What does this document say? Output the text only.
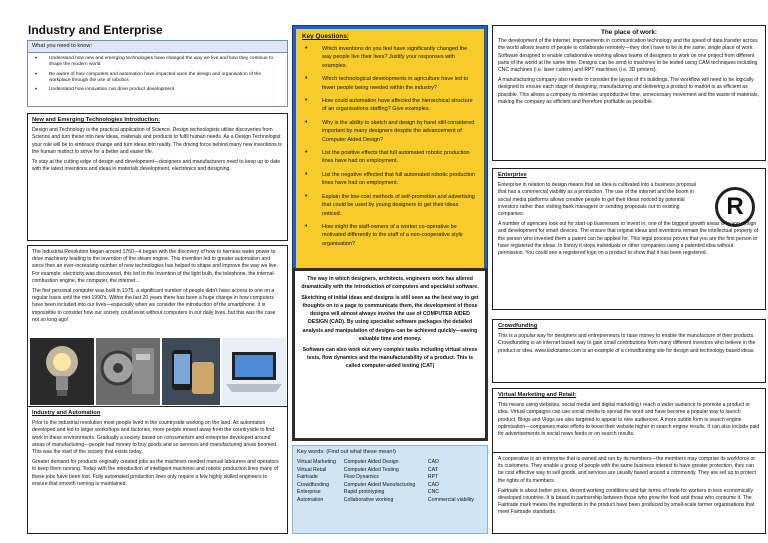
Industry and Enterprise
What you need to know:
• Understand how new and emerging technologies have changed the way we live and how they continue to shape the modern world
• Be aware of how computers and automation have impacted upon the design and organisation of the workplace through the use of robotics
• Understand how innovation can drive product development
New and Emerging Technologies Introduction:

Design and Technology is the practical application of Science. Design technologists utilise discoveries from Science and turn these into new ideas, materials and products to fulfil human needs. As a Design Technologist your role will be to embrace change and turn ideas into reality. The driving force behind many new inventions is the human instinct to strive for a better and easier life.

To stay at the cutting edge of design and development—designers and manufacturers need to keep up to date with the latest inventions and ideas in materials development, electronics and designing.

The Industrial Revolution began around 1760—it began with the discovery of how to harness water power to drive machinery leading to the invention of the steam engine. This invention led to greater automation and since then an ever-increasing number of new technologies has helped to shape and improve the way we live. For example; electricity was discovered, this led to the invention of the light bulb, the telephone, the internal-combustion engine, the computer, the internet...

The first personal computer was built in 1975, a significant number of people didn't have access to one on a regular basis until the mid 1990's. Within the last 20 years there has been a huge change in how computers have been included into our lives—especially when we consider the introduction of the smartphone. It is impossible to consider how our society could exist without computers in our daily lives, but this was the case not so long ago!

Industry and Automation

Prior to the industrial revolution most people lived in the countryside working on the land. As automation developed and led to larger workshops and factories, more people moved away from the countryside to find work in these environments. Gradually a society based on consumerism and enterprise developed around areas of manufacturing—people had money to buy goods and so services and manufacturing areas boomed. This was the start of the society that exists today.

Greater demand for products originally created jobs as the machines needed manual labourers and operators to keep them running. Today with the introduction of intelligent machines and robotic production lines many of these jobs have been lost. Fully automated production lines only require a few highly skilled engineers to ensure that smooth running is maintained.

Key Questions:
• Which inventions do you feel have significantly changed the way people live their lives? Justify your responses with examples.
• Which technological developments in agriculture have led to fewer people being needed within the industry?
• How could automation have affected the hierarchical structure of an organisations staffing? Give examples.
• Why is the ability to sketch and design by hand still considered important by many designers despite the advancement of Computer Aided Design?
• List the positive effects that full automated robotic production lines have had on employment.
• List the negative effected that full automated robotic production lines have had on employment.
• Explain the low-cost methods of self-promotion and advertising that could be used by young designers to get their ideas noticed.
• How might the staff-owners of a worker co-operative be motivated differently to the staff of a non-cooperative style organisation?

The way in which designers, architects, engineers work has altered dramatically with the introduction of computers and specialist software.

Sketching of initial ideas and designs is still seen as the best way to get thoughts on to a page to communicate them, the development of those designs will almost always involve the use of COMPUTER AIDED DESIGN (CAD). By using specialist software packages the detailed analysis and manipulation of designs can be achieved quickly—saving valuable time and money.

Software can also work out very complex tasks including virtual stress tests, flow dynamics and the manufacturability of a product. This is called computer-aided testing (CAT)

Key words: (Find out what these mean!)
Virtual Marketing	Computer Aided Design	CAD
Virtual Retail	Computer Aided Testing	CAT
Fairtrade	Flow Dynamics	RPT
Crowdfunding	Computer Aided Manufacturing	CAD
Enterprise	Rapid prototyping	CNC
Automation	Collaborative working	Commercial viability
The place of work:

The development of the internet, improvements in communication technology and the speed of data transfer across the world allows teams of people to collaborate remotely—they don't have to be in the same, single place of work. Software designed to enable collaborative working allows teams of designers to work on one project from different parts of the world at the same time. Designs can be send to machines to be tested using CAM techniques including CNC machines (i.e. laser cutters) and RPT machines (i.e. 3D printers).

A manufacturing company also needs to consider the layout of it's buildings. The workflow will need to be logically designed to ensure each stage of designing, manufacturing and delivering a product to market is as efficient as possible. This allows a company to minimise unproductive time, unnecessary movement and the waste of materials, making the company as efficient and therefore profitable as possible.

Enterprise
R

Enterprise in relation to design means that an idea is cultivated into a business proposal that has a commercial viability as a production. The use of the internet and the boom in social media platforms allows creative people to get their ideas noticed by potential investors rather than visiting bank managers or sending proposals out to existing companies.

A number of agencies look out for start-up businesses to invest in, one of the biggest growth areas is in app design and development for smart devices. The ensure that original ideas and inventions remain the intellectual property of the person who invented them a patent can be applied for. This legal process proves that you are the first person to have registered the ideas. In theory it stops individuals or other companies using a patented idea without permission. You could see a registered logo on a product to show that it has been registered.

Crowdfunding

This is a popular way for designers and entrepreneurs to raise money to enable the manufacture of their products. Crowdfunding is an internet based way to gain small contributions from many different investors who believe in the product or idea. www.kickstarter.com is an example of a crowdfunding site for design and technology based ideas.

Virtual Marketing and Retail:

This means using websites, social media and digital marketing t reach a wider audience to promote a product or idea. Virtual campaigns can use social media to spread the word and have become a popular way to launch product. Blogs and Vlogs are also targeted to appeal to new audiences. A more subtle form is search engine optimisation—companies make efforts to boost their website higher in search engine results. It can also include paid for advertisements in social news feeds or on search results.

A cooperative is an enterprise that is owned and run by its members—the members may comprise its workforce or its customers. They enable a group of people with the same business interest to have greater protection, they can be cost effective way to sell goods, and services are usually based around a community. They are set up to protect the rights of its members.

Fairtrade is about better prices, decent working conditions and fair terms of trade for workers in less economically developed countries. It is based in partnership between those who grow the food and those who consume it. The Fairtrade mark means the ingredients in the product have been produced by small-scale farmer organisations that meet Fairtrade standards.
